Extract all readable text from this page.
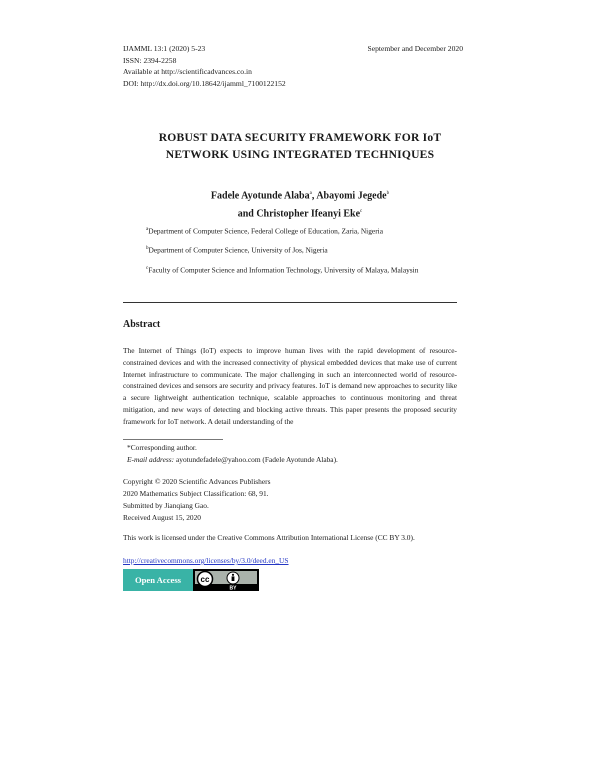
IJAMML 13:1 (2020) 5-23	September and December 2020
ISSN: 2394-2258
Available at http://scientificadvances.co.in
DOI: http://dx.doi.org/10.18642/ijamml_7100122152
ROBUST DATA SECURITY FRAMEWORK FOR IoT
NETWORK USING INTEGRATED TECHNIQUES
Fadele Ayotunde Alaba$^a$, Abayomi Jegede$^b$
and Christopher Ifeanyi Eke$^c$
$^a$Department of Computer Science, Federal College of Education, Zaria, Nigeria
$^b$Department of Computer Science, University of Jos, Nigeria
$^c$Faculty of Computer Science and Information Technology, University of Malaya, Malaysin
Abstract
The Internet of Things (IoT) expects to improve human lives with the rapid development of resource-constrained devices and with the increased connectivity of physical embedded devices that make use of current Internet infrastructure to communicate. The major challenging in such an interconnected world of resource-constrained devices and sensors are security and privacy features. IoT is demand new approaches to security like a secure lightweight authentication technique, scalable approaches to continuous monitoring and threat mitigation, and new ways of detecting and blocking active threats. This paper presents the proposed security framework for IoT network. A detail understanding of the
*Corresponding author.
E-mail address: ayotundefadele@yahoo.com (Fadele Ayotunde Alaba).
Copyright © 2020 Scientific Advances Publishers
2020 Mathematics Subject Classification: 68, 91.
Submitted by Jianqiang Gao.
Received August 15, 2020
This work is licensed under the Creative Commons Attribution International License (CC BY 3.0).
http://creativecommons.org/licenses/by/3.0/deed.en_US
Open Access	cc
BY
